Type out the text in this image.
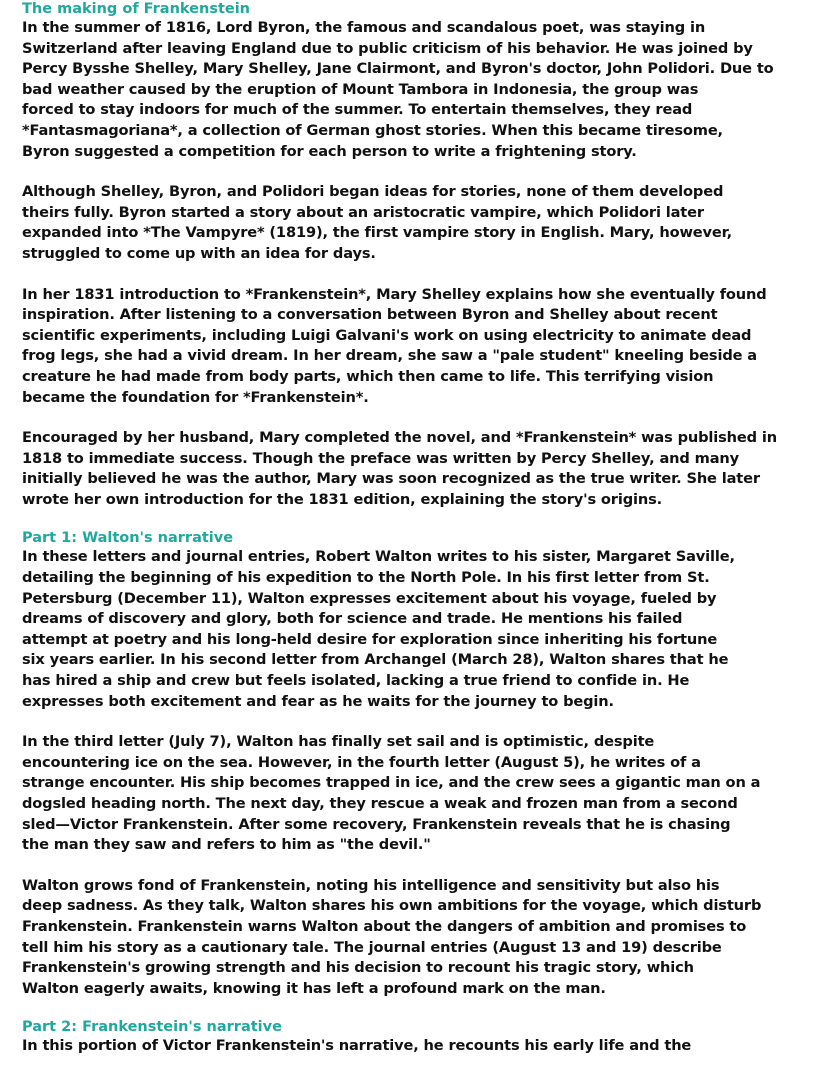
The making of Frankenstein

In the summer of 1816, Lord Byron, the famous and scandalous poet, was staying in
Switzerland after leaving England due to public criticism of his behavior. He was joined by
Percy Bysshe Shelley, Mary Shelley, Jane Clairmont, and Byron's doctor, John Polidori. Due to
bad weather caused by the eruption of Mount Tambora in Indonesia, the group was
forced to stay indoors for much of the summer. To entertain themselves, they read
*Fantasmagoriana*, a collection of German ghost stories. When this became tiresome,
Byron suggested a competition for each person to write a frightening story.

Although Shelley, Byron, and Polidori began ideas for stories, none of them developed
theirs fully. Byron started a story about an aristocratic vampire, which Polidori later
expanded into *The Vampyre* (1819), the first vampire story in English. Mary, however,
struggled to come up with an idea for days.

In her 1831 introduction to *Frankenstein*, Mary Shelley explains how she eventually found
inspiration. After listening to a conversation between Byron and Shelley about recent
scientific experiments, including Luigi Galvani's work on using electricity to animate dead
frog legs, she had a vivid dream. In her dream, she saw a "pale student" kneeling beside a
creature he had made from body parts, which then came to life. This terrifying vision
became the foundation for *Frankenstein*.

Encouraged by her husband, Mary completed the novel, and *Frankenstein* was published in
1818 to immediate success. Though the preface was written by Percy Shelley, and many
initially believed he was the author, Mary was soon recognized as the true writer. She later
wrote her own introduction for the 1831 edition, explaining the story's origins.

Part 1: Walton's narrative

In these letters and journal entries, Robert Walton writes to his sister, Margaret Saville,
detailing the beginning of his expedition to the North Pole. In his first letter from St.
Petersburg (December 11), Walton expresses excitement about his voyage, fueled by
dreams of discovery and glory, both for science and trade. He mentions his failed
attempt at poetry and his long-held desire for exploration since inheriting his fortune
six years earlier. In his second letter from Archangel (March 28), Walton shares that he
has hired a ship and crew but feels isolated, lacking a true friend to confide in. He
expresses both excitement and fear as he waits for the journey to begin.

In the third letter (July 7), Walton has finally set sail and is optimistic, despite
encountering ice on the sea. However, in the fourth letter (August 5), he writes of a
strange encounter. His ship becomes trapped in ice, and the crew sees a gigantic man on a
dogsled heading north. The next day, they rescue a weak and frozen man from a second
sled—Victor Frankenstein. After some recovery, Frankenstein reveals that he is chasing
the man they saw and refers to him as "the devil."

Walton grows fond of Frankenstein, noting his intelligence and sensitivity but also his
deep sadness. As they talk, Walton shares his own ambitions for the voyage, which disturb
Frankenstein. Frankenstein warns Walton about the dangers of ambition and promises to
tell him his story as a cautionary tale. The journal entries (August 13 and 19) describe
Frankenstein's growing strength and his decision to recount his tragic story, which
Walton eagerly awaits, knowing it has left a profound mark on the man.

Part 2: Frankenstein's narrative

In this portion of Victor Frankenstein's narrative, he recounts his early life and the
